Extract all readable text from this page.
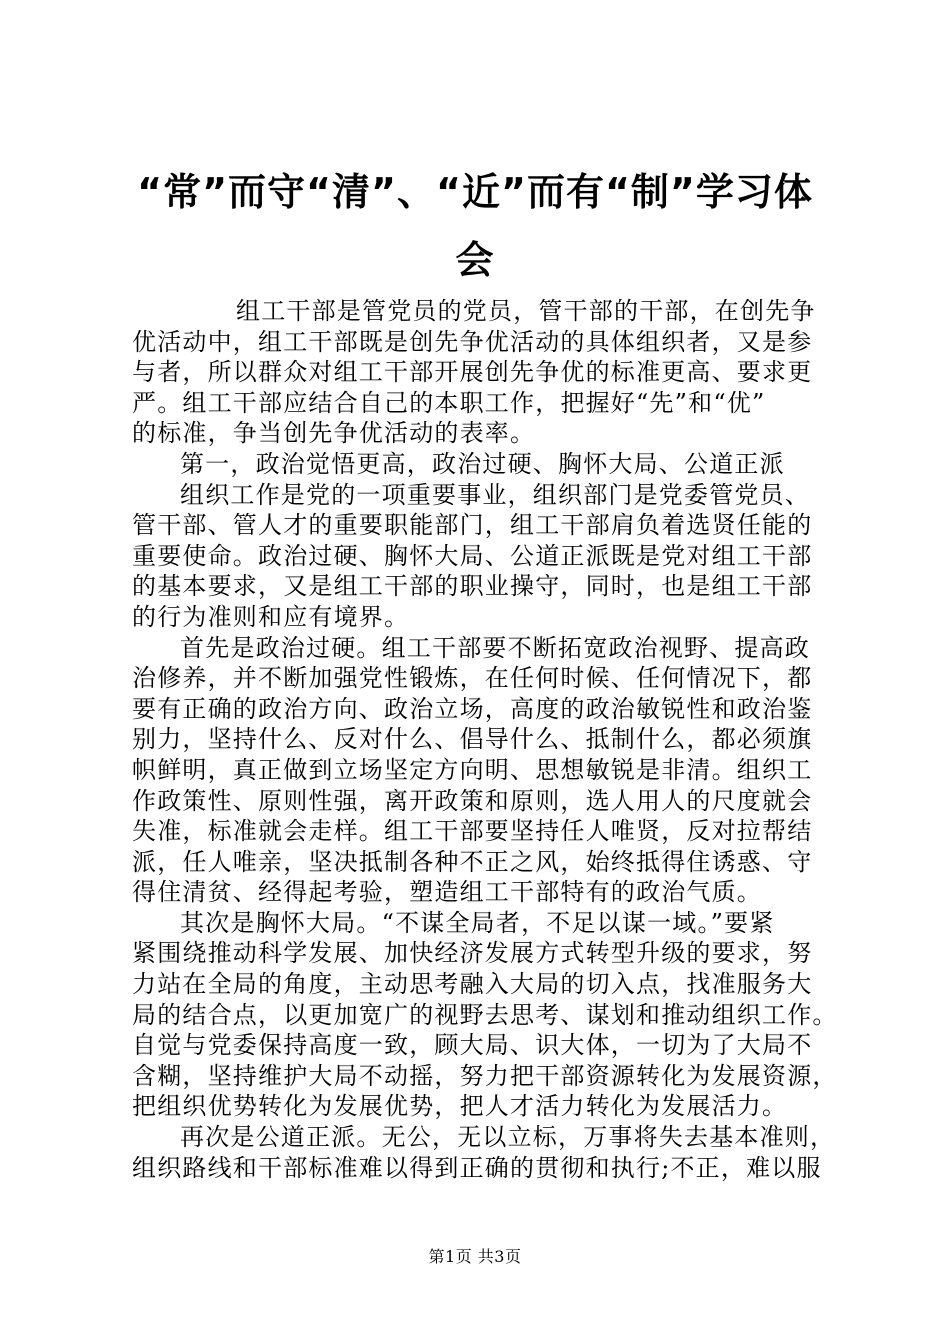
“常”而守“清”、“近”而有“制”学习体
会
组工干部是管党员的党员，管干部的干部，在创先争
优活动中，组工干部既是创先争优活动的具体组织者，又是参
与者，所以群众对组工干部开展创先争优的标准更高、要求更
严。组工干部应结合自己的本职工作，把握好“先”和“优”
的标准，争当创先争优活动的表率。
第一，政治觉悟更高，政治过硬、胸怀大局、公道正派
组织工作是党的一项重要事业，组织部门是党委管党员、
管干部、管人才的重要职能部门，组工干部肩负着选贤任能的
重要使命。政治过硬、胸怀大局、公道正派既是党对组工干部
的基本要求，又是组工干部的职业操守，同时，也是组工干部
的行为准则和应有境界。
首先是政治过硬。组工干部要不断拓宽政治视野、提高政
治修养，并不断加强党性锻炼，在任何时候、任何情况下，都
要有正确的政治方向、政治立场，高度的政治敏锐性和政治鉴
别力，坚持什么、反对什么、倡导什么、抵制什么，都必须旗
帜鲜明，真正做到立场坚定方向明、思想敏锐是非清。组织工
作政策性、原则性强，离开政策和原则，选人用人的尺度就会
失准，标准就会走样。组工干部要坚持任人唯贤，反对拉帮结
派，任人唯亲，坚决抵制各种不正之风，始终抵得住诱惑、守
得住清贫、经得起考验，塑造组工干部特有的政治气质。
其次是胸怀大局。“不谋全局者，不足以谋一域。”要紧
紧围绕推动科学发展、加快经济发展方式转型升级的要求，努
力站在全局的角度，主动思考融入大局的切入点，找准服务大
局的结合点，以更加宽广的视野去思考、谋划和推动组织工作。
自觉与党委保持高度一致，顾大局、识大体，一切为了大局不
含糊，坚持维护大局不动摇，努力把干部资源转化为发展资源，
把组织优势转化为发展优势，把人才活力转化为发展活力。
再次是公道正派。无公，无以立标，万事将失去基本准则，
组织路线和干部标准难以得到正确的贯彻和执行;不正，难以服
第1页 共3页
